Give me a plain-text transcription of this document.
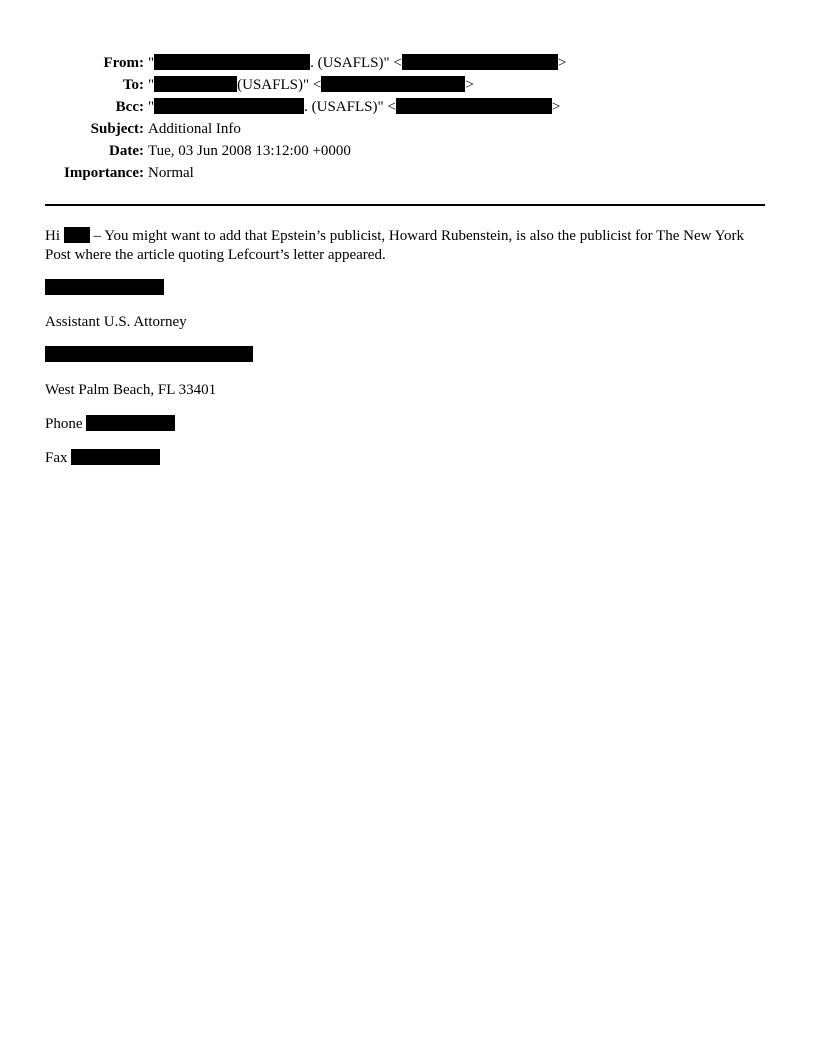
From: "	. (USAFLS)" <	>
To: "	(USAFLS)" <	>
Bcc: "	. (USAFLS)" <	>
Subject: Additional Info
Date: Tue, 03 Jun 2008 13:12:00 +0000
Importance: Normal

Hi  – You might want to add that Epstein’s publicist, Howard Rubenstein, is also the publicist for The New York Post where the article quoting Lefcourt’s letter appeared.

Assistant U.S. Attorney
West Palm Beach, FL 33401
Phone
Fax
